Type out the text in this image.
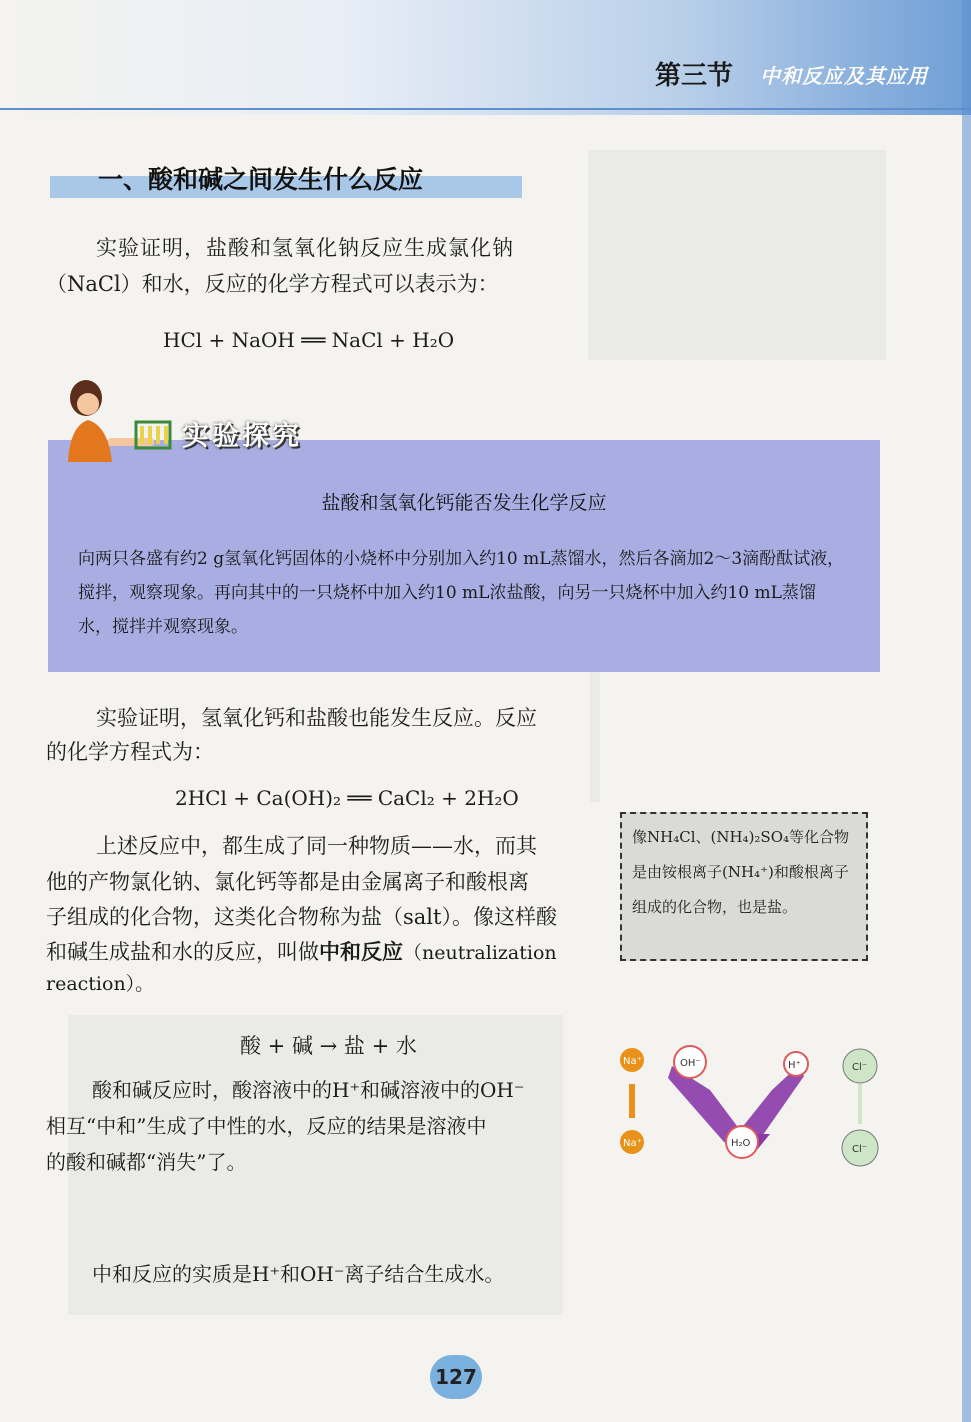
第三节 中和反应及其应用
一、酸和碱之间发生什么反应
实验证明，盐酸和氢氧化钠反应生成氯化钠
（NaCl）和水，反应的化学方程式可以表示为：
HCl + NaOH ══ NaCl + H₂O
实验探究
盐酸和氢氧化钙能否发生化学反应
向两只各盛有约2 g氢氧化钙固体的小烧杯中分别加入约10 mL蒸馏水，然后各滴加2～3滴酚酞试液，搅拌，观察现象。再向其中的一只烧杯中加入约10 mL浓盐酸，向另一只烧杯中加入约10 mL蒸馏水，搅拌并观察现象。
实验证明，氢氧化钙和盐酸也能发生反应。反应
的化学方程式为：
2HCl + Ca(OH)₂ ══ CaCl₂ + 2H₂O
上述反应中，都生成了同一种物质——水，而其
他的产物氯化钠、氯化钙等都是由金属离子和酸根离
子组成的化合物，这类化合物称为盐（salt）。像这样酸
和碱生成盐和水的反应，叫做中和反应（neutralization
reaction）。
像NH₄Cl、(NH₄)₂SO₄等化合物是由铵根离子(NH₄⁺)和酸根离子组成的化合物，也是盐。
酸 + 碱 → 盐 + 水
酸和碱反应时，酸溶液中的H⁺和碱溶液中的OH⁻
相互“中和”生成了中性的水，反应的结果是溶液中
的酸和碱都“消失”了。
Na⁺	OH⁻	H⁺	Cl⁻
Na⁺	H₂O
Cl⁻
中和反应的实质是H⁺和OH⁻离子结合生成水。
127
